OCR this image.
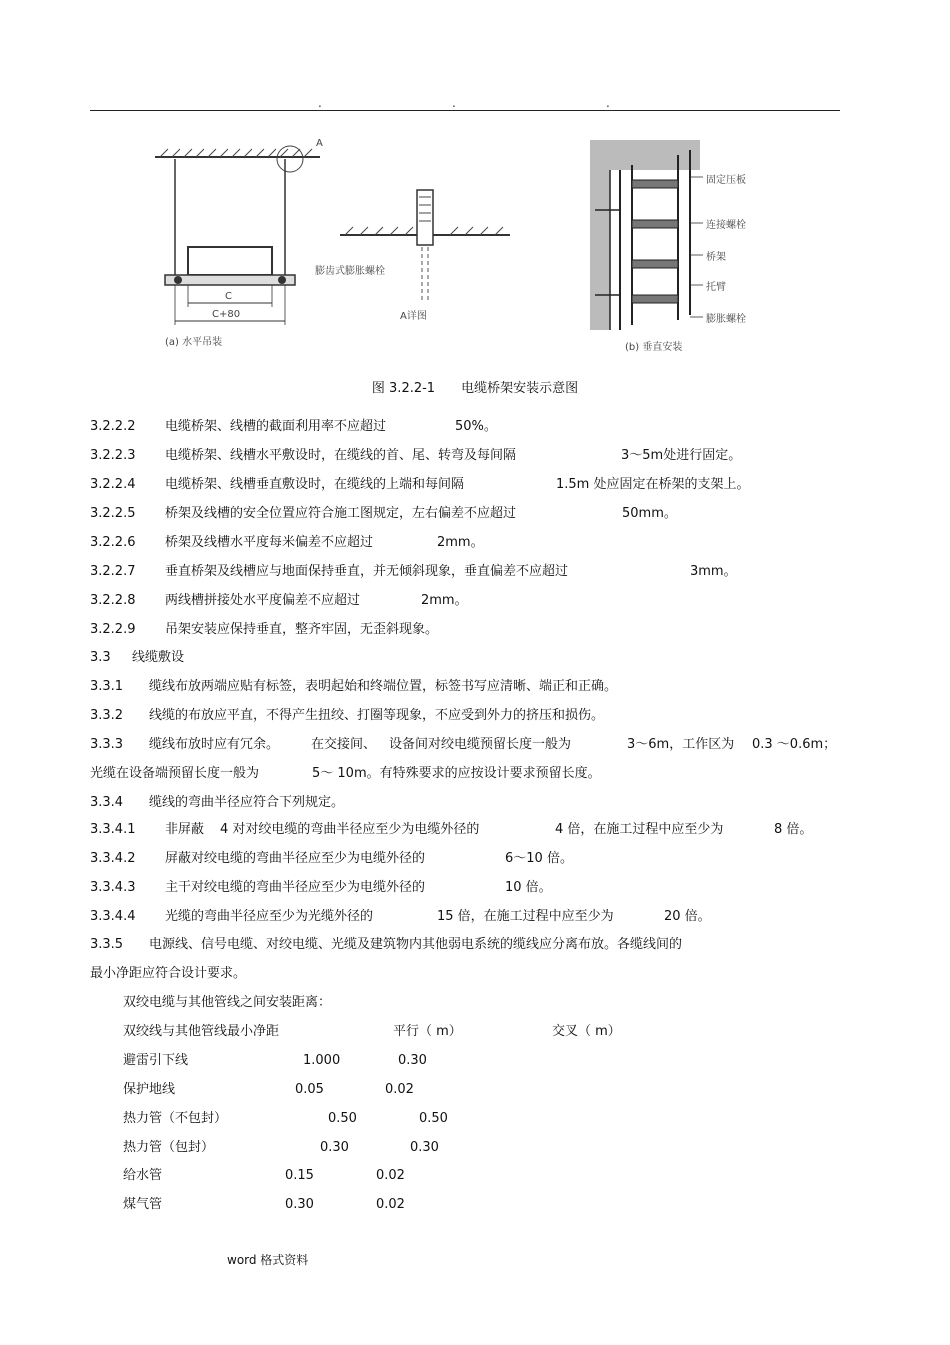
.	.	.
A
C
C+80
膨齿式膨胀螺栓
A详图
(a) 水平吊装	(b) 垂直安装
固定压板
连接螺栓
桥架
托臂
膨胀螺栓
图 3.2.2-1　　电缆桥架安装示意图
3.2.2.2 电缆桥架、线槽的截面利用率不应超过	50%。
3.2.2.3 电缆桥架、线槽水平敷设时，在缆线的首、尾、转弯及每间隔	3～5m处进行固定。
3.2.2.4 电缆桥架、线槽垂直敷设时，在缆线的上端和每间隔	1.5m 处应固定在桥架的支架上。
3.2.2.5 桥架及线槽的安全位置应符合施工图规定，左右偏差不应超过	50mm。
3.2.2.6 桥架及线槽水平度每米偏差不应超过	2mm。
3.2.2.7 垂直桥架及线槽应与地面保持垂直，并无倾斜现象，垂直偏差不应超过	3mm。
3.2.2.8 两线槽拼接处水平度偏差不应超过	2mm。
3.2.2.9 吊架安装应保持垂直，整齐牢固，无歪斜现象。
3.3 线缆敷设
3.3.1 缆线布放两端应贴有标签，表明起始和终端位置，标签书写应清晰、端正和正确。
3.3.2 线缆的布放应平直，不得产生扭绞、打圈等现象，不应受到外力的挤压和损伤。
3.3.3 缆线布放时应有冗余。 在交接间、 设备间对绞电缆预留长度一般为	3～6m，工作区为 0.3 ～0.6m；
光缆在设备端预留长度一般为	5～ 10m。有特殊要求的应按设计要求预留长度。
3.3.4 缆线的弯曲半径应符合下列规定。
3.3.4.1 非屏蔽 4 对对绞电缆的弯曲半径应至少为电缆外径的	4 倍，在施工过程中应至少为	8 倍。
3.3.4.2 屏蔽对绞电缆的弯曲半径应至少为电缆外径的	6～10 倍。
3.3.4.3 主干对绞电缆的弯曲半径应至少为电缆外径的	10 倍。
3.3.4.4 光缆的弯曲半径应至少为光缆外径的	15 倍，在施工过程中应至少为	20 倍。
3.3.5 电源线、信号电缆、对绞电缆、光缆及建筑物内其他弱电系统的缆线应分离布放。各缆线间的
最小净距应符合设计要求。
双绞电缆与其他管线之间安装距离：
双绞线与其他管线最小净距	平行（ m）	交叉（ m）
避雷引下线	1.000	0.30
保护地线	0.05	0.02
热力管（不包封）	0.50	0.50
热力管（包封）	0.30	0.30
给水管	0.15	0.02
煤气管	0.30	0.02
word 格式资料
